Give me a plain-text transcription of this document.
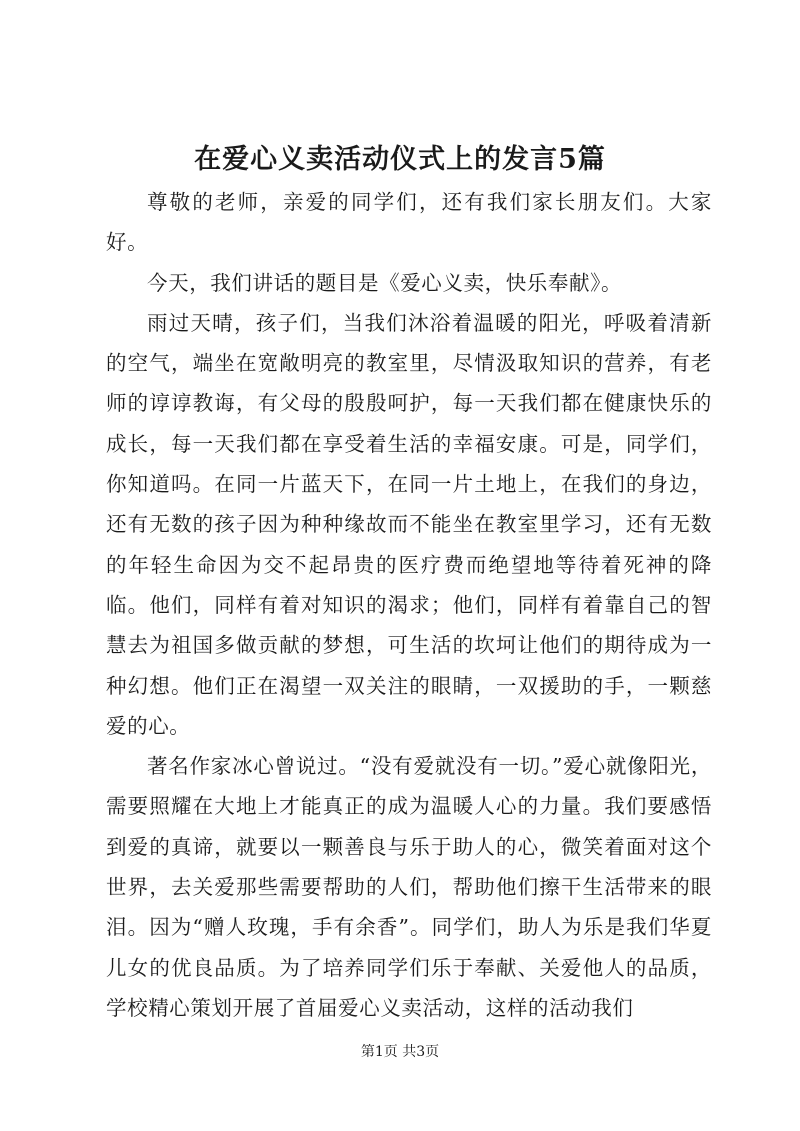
在爱心义卖活动仪式上的发言5篇

尊敬的老师，亲爱的同学们，还有我们家长朋友们。大家好。

今天，我们讲话的题目是《爱心义卖，快乐奉献》。

雨过天晴，孩子们，当我们沐浴着温暖的阳光，呼吸着清新的空气，端坐在宽敞明亮的教室里，尽情汲取知识的营养，有老师的谆谆教诲，有父母的殷殷呵护，每一天我们都在健康快乐的成长，每一天我们都在享受着生活的幸福安康。可是，同学们，你知道吗。在同一片蓝天下，在同一片土地上，在我们的身边，还有无数的孩子因为种种缘故而不能坐在教室里学习，还有无数的年轻生命因为交不起昂贵的医疗费而绝望地等待着死神的降临。他们，同样有着对知识的渴求；他们，同样有着靠自己的智慧去为祖国多做贡献的梦想，可生活的坎坷让他们的期待成为一种幻想。他们正在渴望一双关注的眼睛，一双援助的手，一颗慈爱的心。

著名作家冰心曾说过。“没有爱就没有一切。”爱心就像阳光，需要照耀在大地上才能真正的成为温暖人心的力量。我们要感悟到爱的真谛，就要以一颗善良与乐于助人的心，微笑着面对这个世界，去关爱那些需要帮助的人们，帮助他们擦干生活带来的眼泪。因为“赠人玫瑰，手有余香”。同学们，助人为乐是我们华夏儿女的优良品质。为了培养同学们乐于奉献、关爱他人的品质，学校精心策划开展了首届爱心义卖活动，这样的活动我们

第1页 共3页
